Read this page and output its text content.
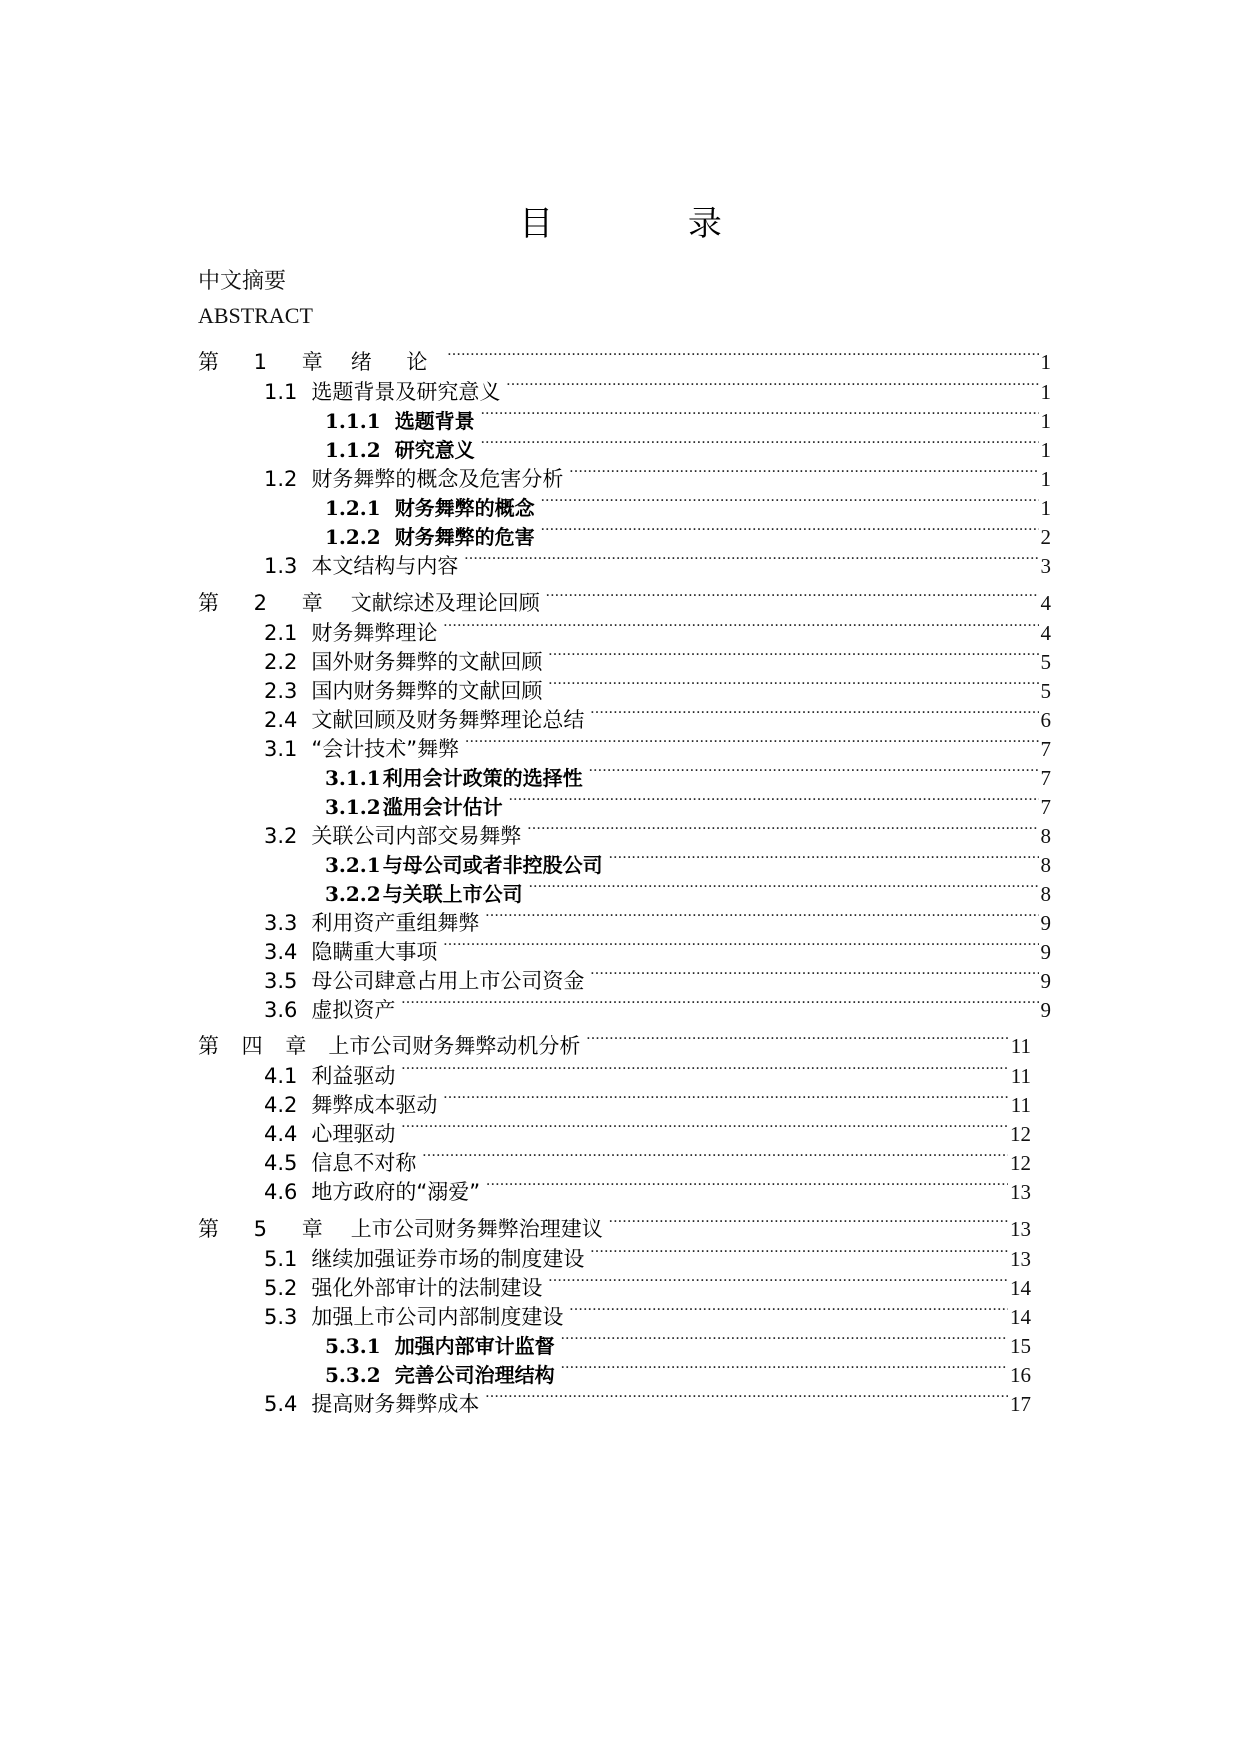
目 录
中文摘要
ABSTRACT
第 1 章 绪 论 .....	1
1.1 选题背景及研究意义 .....	1
1.1.1 选题背景 .....	1
1.1.2 研究意义 .....	1
1.2 财务舞弊的概念及危害分析 .....	1
1.2.1 财务舞弊的概念 .....	1
1.2.2 财务舞弊的危害 .....	2
1.3 本文结构与内容 .....	3
第 2 章 文献综述及理论回顾 .....	4
2.1 财务舞弊理论 .....	4
2.2 国外财务舞弊的文献回顾 .....	5
2.3 国内财务舞弊的文献回顾 .....	5
2.4 文献回顾及财务舞弊理论总结 .....	6
3.1 “会计技术”舞弊 .....	7
3.1.1 利用会计政策的选择性 .....	7
3.1.2 滥用会计估计 .....	7
3.2 关联公司内部交易舞弊 .....	8
3.2.1 与母公司或者非控股公司 .....	8
3.2.2 与关联上市公司 .....	8
3.3 利用资产重组舞弊 .....	9
3.4 隐瞒重大事项 .....	9
3.5 母公司肆意占用上市公司资金 .....	9
3.6 虚拟资产 .....	9
第 四 章 上市公司财务舞弊动机分析 .....	11
4.1 利益驱动 .....	11
4.2 舞弊成本驱动 .....	11
4.4 心理驱动 .....	12
4.5 信息不对称 .....	12
4.6 地方政府的“溺爱” .....	13
第 5 章 上市公司财务舞弊治理建议 .....	13
5.1 继续加强证券市场的制度建设 .....	13
5.2 强化外部审计的法制建设 .....	14
5.3 加强上市公司内部制度建设 .....	14
5.3.1 加强内部审计监督 .....	15
5.3.2 完善公司治理结构 .....	16
5.4 提高财务舞弊成本 .....	17
